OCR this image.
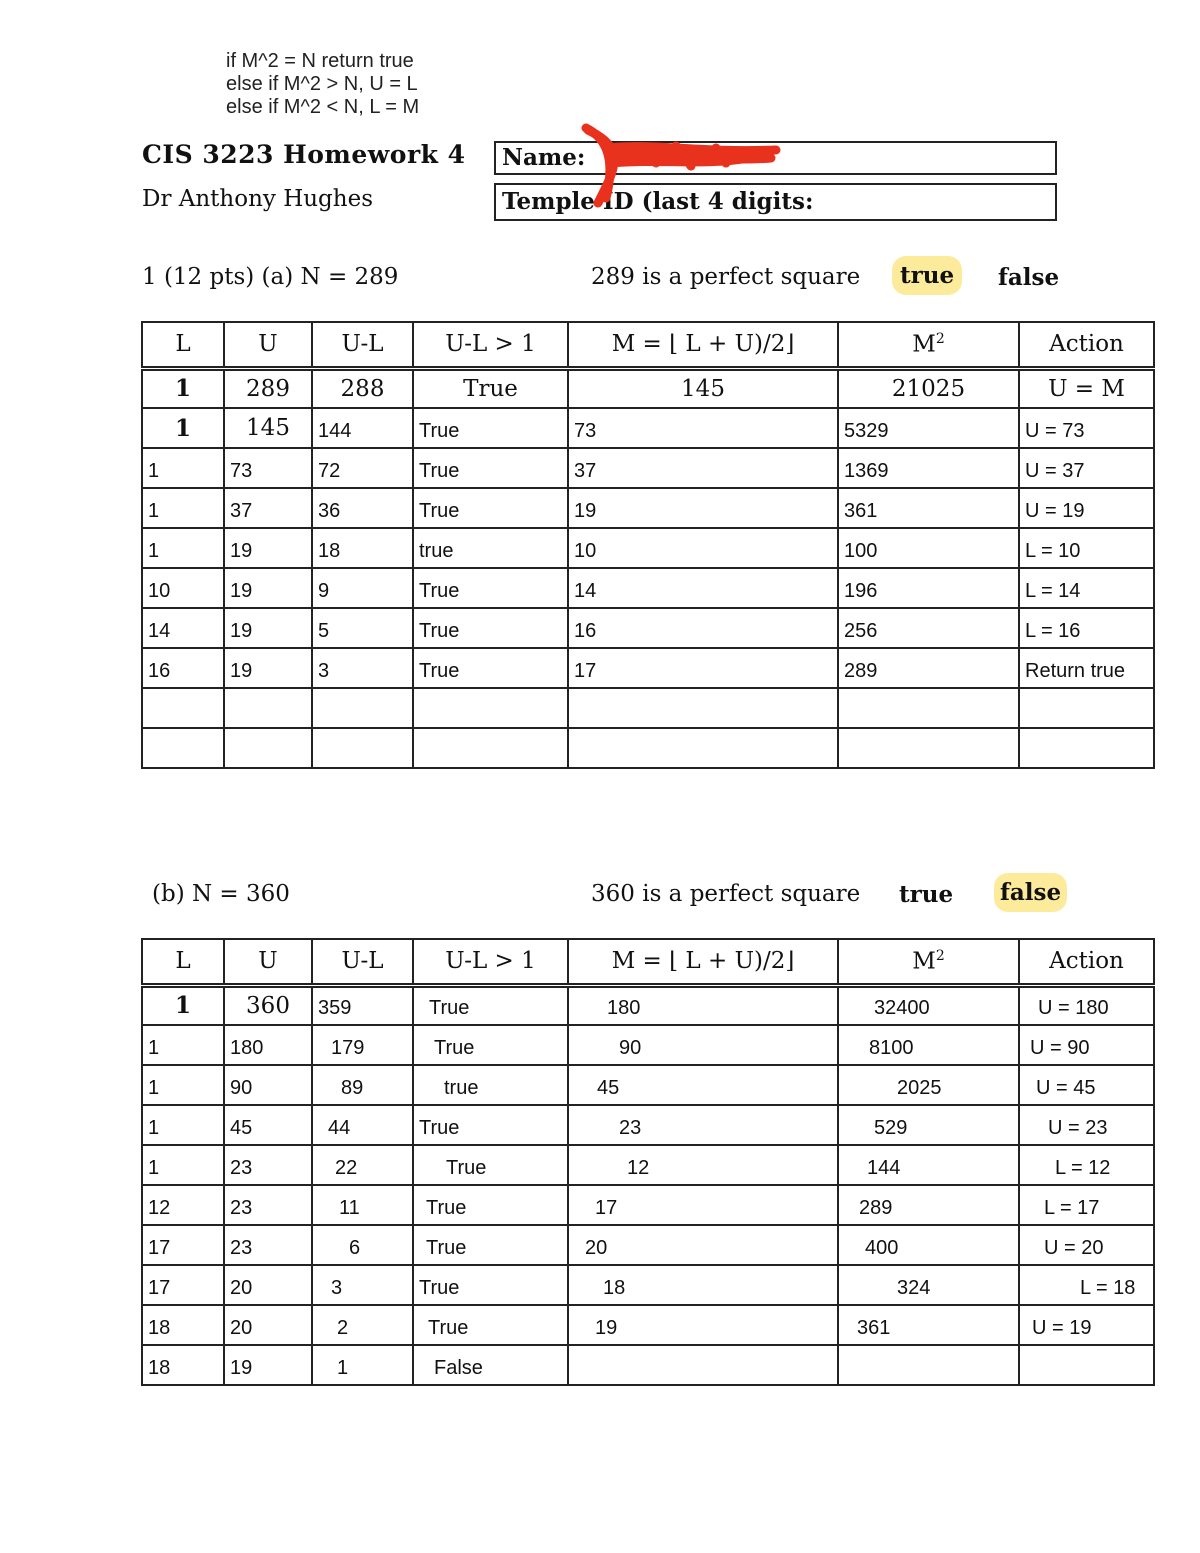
if M^2 = N return true
else if M^2 > N, U = L
else if M^2 < N, L = M
CIS 3223 Homework 4
Dr Anthony Hughes
Name:
Temple ID (last 4 digits:
1 (12 pts) (a) N = 289	289 is a perfect square	true	false
L	U	U-L	U-L > 1	M = ⌊ L + U)/2⌋	$M^2$	Action
1	289	288	True	145	21025	U = M
1	145	144	True	73	5329	U = 73
1	73	72	True	37	1369	U = 37
1	37	36	True	19	361	U = 19
1	19	18	true	10	100	L = 10
10	19	9	True	14	196	L = 14
14	19	5	True	16	256	L = 16
16	19	3	True	17	289	Return true

(b) N = 360	360 is a perfect square true false
L	U	U-L	U-L > 1	M = ⌊ L + U)/2⌋	$M^2$	Action
1	360	359	True	180	32400	U = 180
1	180	179	True	90	8100	U = 90
1	90	89	true	45	2025	U = 45
1	45	44	True	23	529	U = 23
1	23	22	True	12	144	L = 12
12	23	11	True	17	289	L = 17
17	23	6	True	20	400	U = 20
17	20	3	True	18	324	L = 18
18	20	2	True	19	361	U = 19
18	19	1	False			
